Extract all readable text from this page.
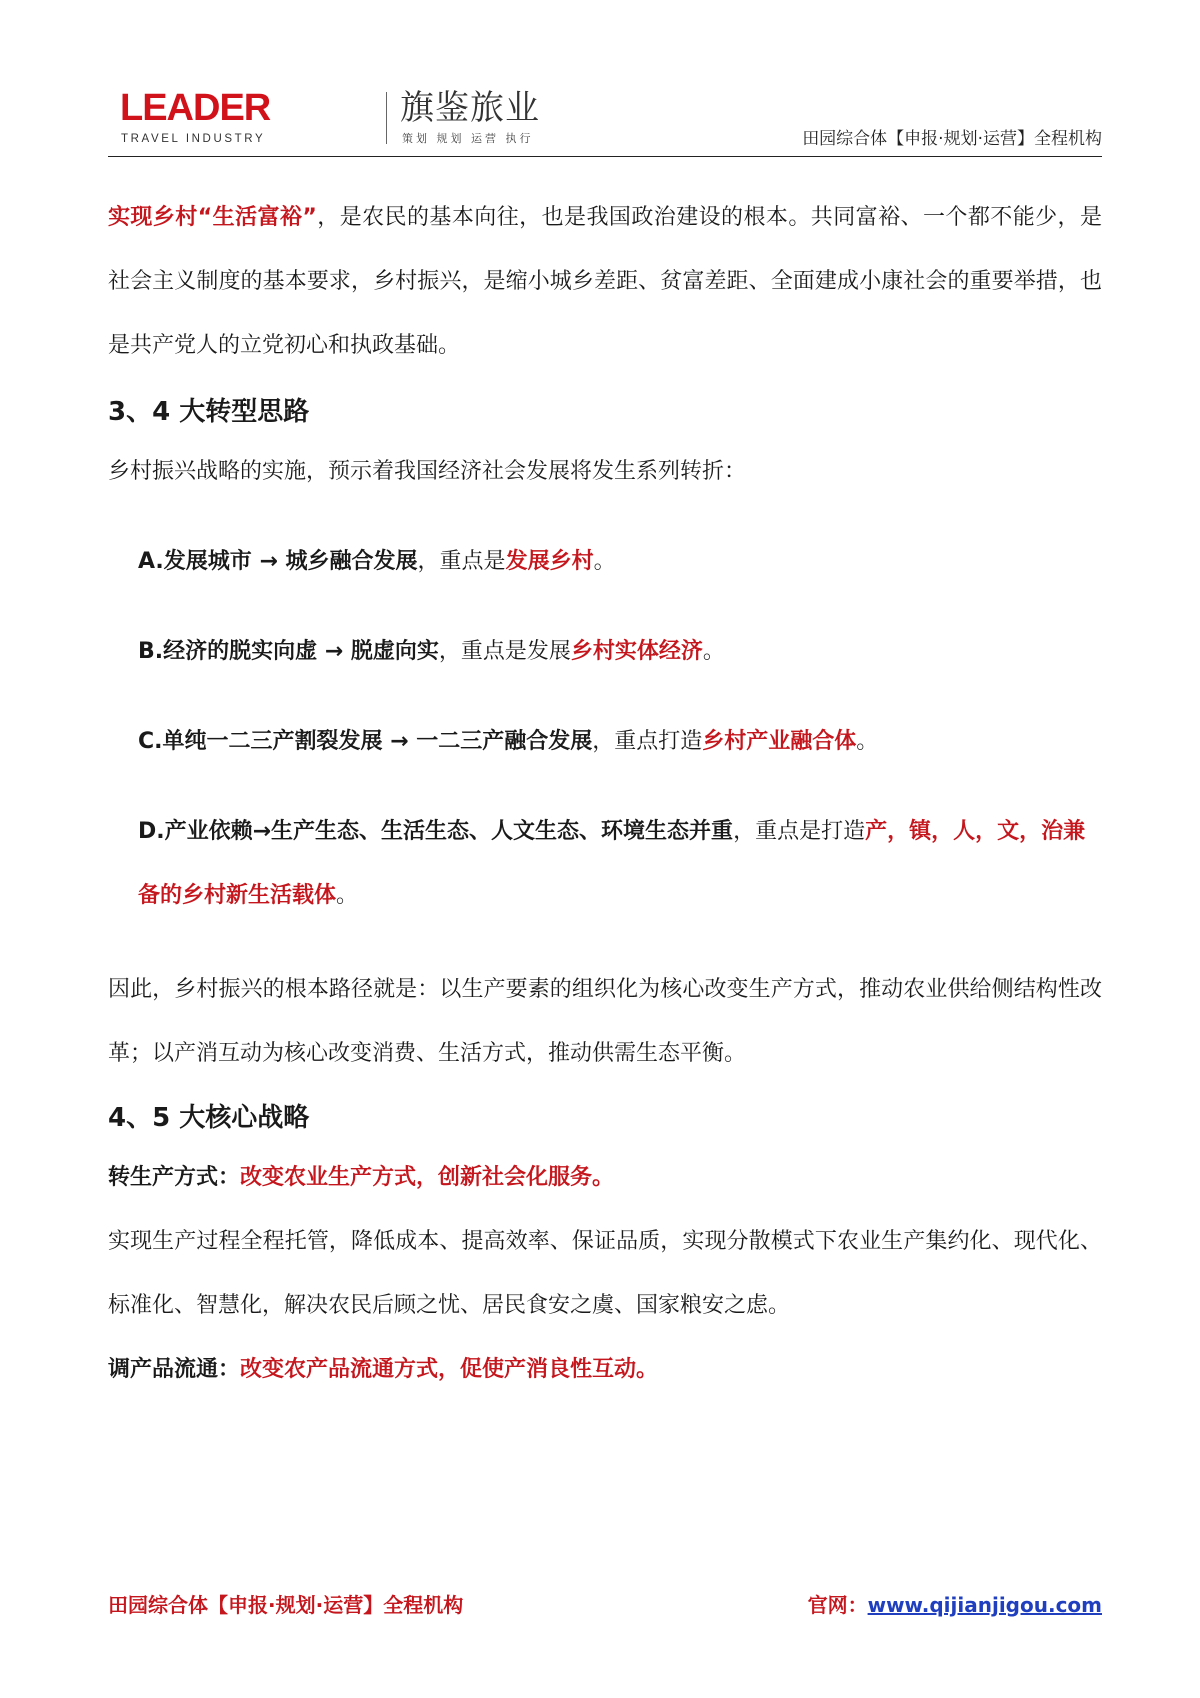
LEADER
TRAVEL INDUSTRY
旗鉴旅业
策划 规划 运营 执行	田园综合体【申报·规划·运营】全程机构

实现乡村“生活富裕”，是农民的基本向往，也是我国政治建设的根本。共同富裕、一个都不能少，是社会主义制度的基本要求，乡村振兴，是缩小城乡差距、贫富差距、全面建成小康社会的重要举措，也是共产党人的立党初心和执政基础。

3、4 大转型思路

乡村振兴战略的实施，预示着我国经济社会发展将发生系列转折：

A.发展城市 → 城乡融合发展，重点是发展乡村。

B.经济的脱实向虚 → 脱虚向实，重点是发展乡村实体经济。

C.单纯一二三产割裂发展 → 一二三产融合发展，重点打造乡村产业融合体。

D.产业依赖→生产生态、生活生态、人文生态、环境生态并重，重点是打造产，镇，人，文，治兼备的乡村新生活载体。

因此，乡村振兴的根本路径就是：以生产要素的组织化为核心改变生产方式，推动农业供给侧结构性改革；以产消互动为核心改变消费、生活方式，推动供需生态平衡。

4、5 大核心战略

转生产方式：改变农业生产方式，创新社会化服务。

实现生产过程全程托管，降低成本、提高效率、保证品质，实现分散模式下农业生产集约化、现代化、标准化、智慧化，解决农民后顾之忧、居民食安之虞、国家粮安之虑。

调产品流通：改变农产品流通方式，促使产消良性互动。

田园综合体【申报·规划·运营】全程机构	官网：www.qijianjigou.com
